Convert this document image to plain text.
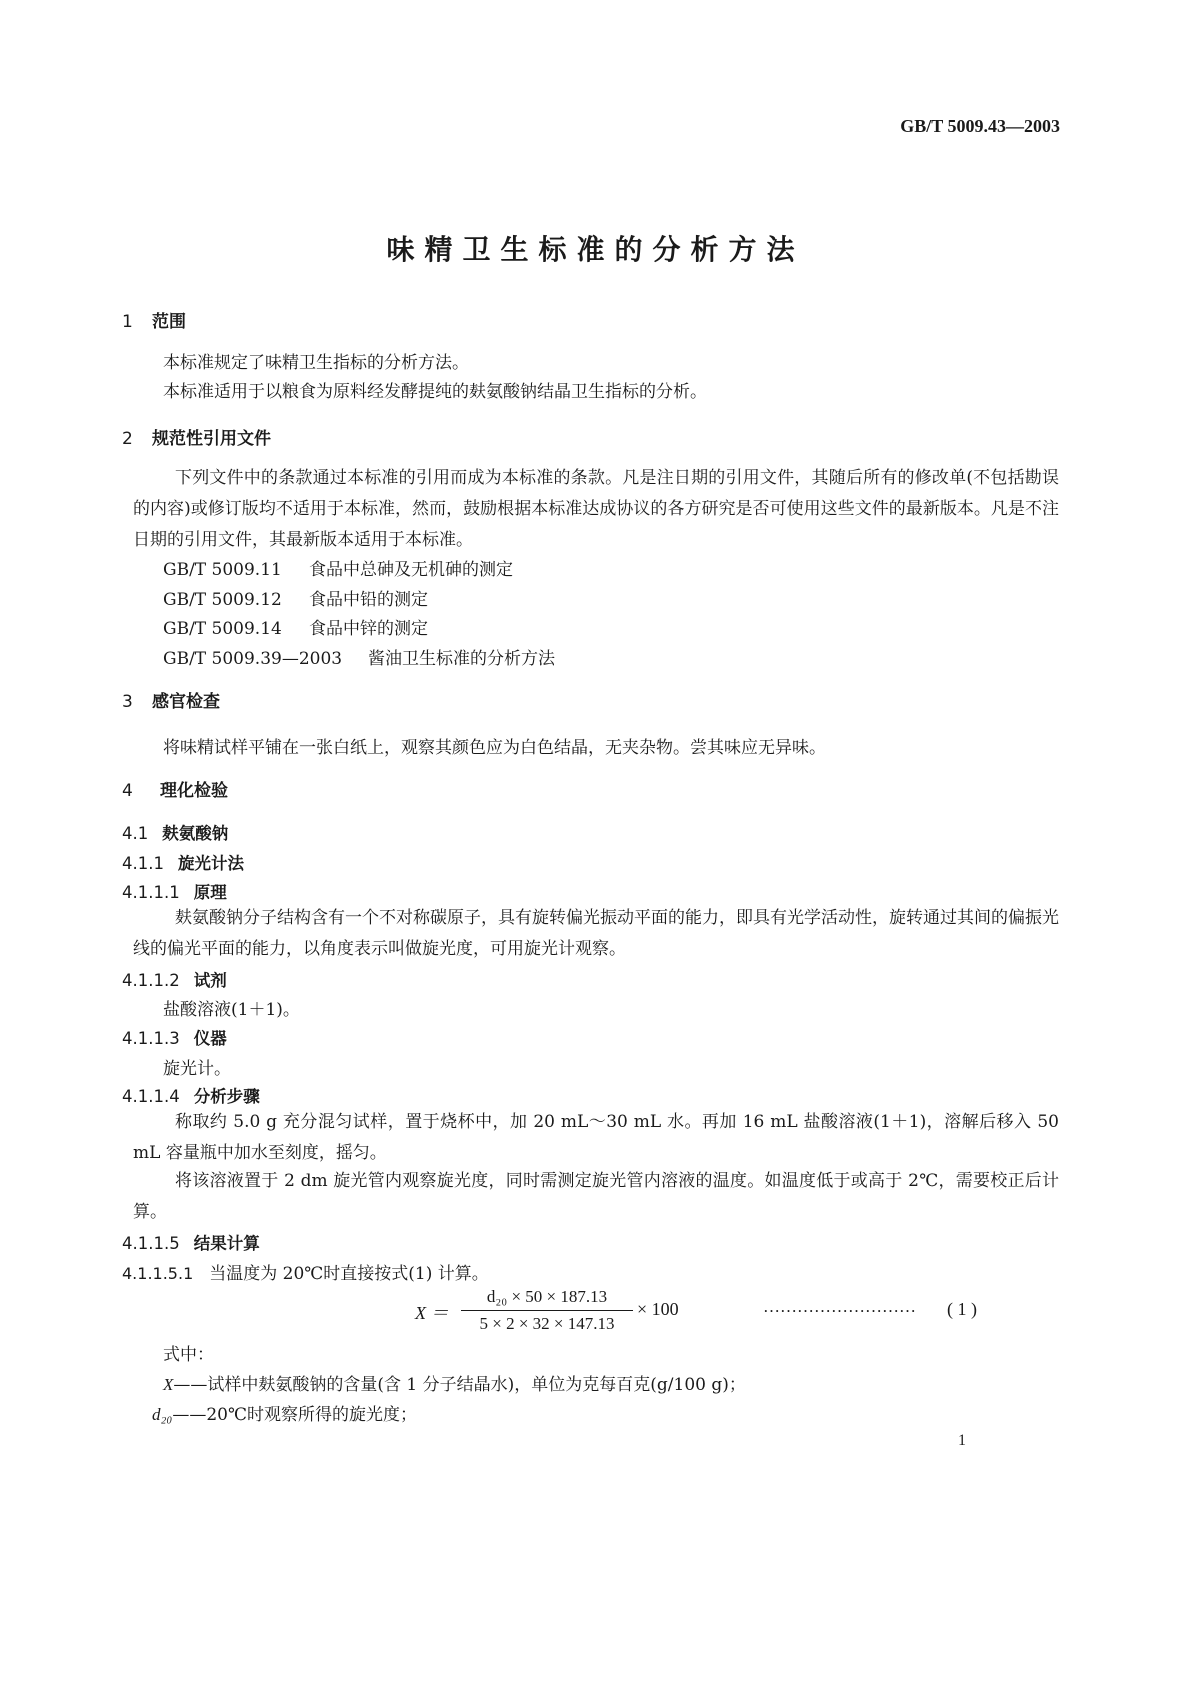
GB/T 5009.43—2003
味精卫生标准的分析方法
1 范围
本标准规定了味精卫生指标的分析方法。
本标准适用于以粮食为原料经发酵提纯的麸氨酸钠结晶卫生指标的分析。
2 规范性引用文件
下列文件中的条款通过本标准的引用而成为本标准的条款。凡是注日期的引用文件，其随后所有的修改单(不包括勘误的内容)或修订版均不适用于本标准，然而，鼓励根据本标准达成协议的各方研究是否可使用这些文件的最新版本。凡是不注日期的引用文件，其最新版本适用于本标准。
GB/T 5009.11 食品中总砷及无机砷的测定
GB/T 5009.12 食品中铅的测定
GB/T 5009.14 食品中锌的测定
GB/T 5009.39—2003 酱油卫生标准的分析方法
3 感官检查
将味精试样平铺在一张白纸上，观察其颜色应为白色结晶，无夹杂物。尝其味应无异味。
4 理化检验
4.1 麸氨酸钠
4.1.1 旋光计法
4.1.1.1 原理
麸氨酸钠分子结构含有一个不对称碳原子，具有旋转偏光振动平面的能力，即具有光学活动性，旋转通过其间的偏振光线的偏光平面的能力，以角度表示叫做旋光度，可用旋光计观察。
4.1.1.2 试剂
盐酸溶液(1＋1)。
4.1.1.3 仪器
旋光计。
4.1.1.4 分析步骤
称取约 5.0 g 充分混匀试样，置于烧杯中，加 20 mL～30 mL 水。再加 16 mL 盐酸溶液(1＋1)，溶解后移入 50 mL 容量瓶中加水至刻度，摇匀。
将该溶液置于 2 dm 旋光管内观察旋光度，同时需测定旋光管内溶液的温度。如温度低于或高于 2℃，需要校正后计算。
4.1.1.5 结果计算
4.1.1.5.1 当温度为 20℃时直接按式(1) 计算。
X ＝
d₂₀ × 50 × 187.13
5 × 2 × 32 × 147.13
× 100	……………………… ( 1 )
式中：
X——试样中麸氨酸钠的含量(含 1 分子结晶水)，单位为克每百克(g/100 g)；
d₂₀——20℃时观察所得的旋光度；
1
